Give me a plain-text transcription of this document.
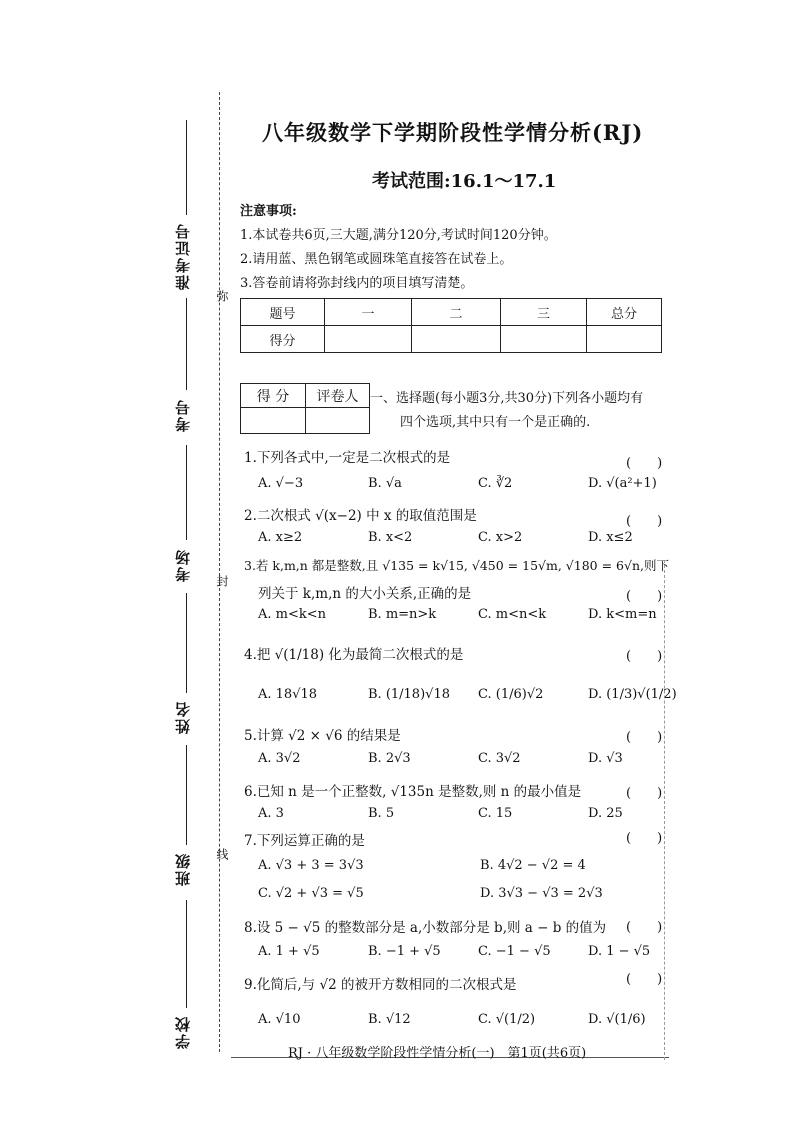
准考证号
考号
考场
姓名
班级
学校
弥
封
线
八年级数学下学期阶段性学情分析(RJ)
考试范围:16.1～17.1
注意事项:
1.本试卷共6页,三大题,满分120分,考试时间120分钟。
2.请用蓝、黑色钢笔或圆珠笔直接答在试卷上。
3.答卷前请将弥封线内的项目填写清楚。
题号	一	二	三	总分
得分				
得 分	评卷人
	一、选择题(每小题3分,共30分)下列各小题均有
四个选项,其中只有一个是正确的.
1.下列各式中,一定是二次根式的是	(　　)
A. √−3	B. √a	C. ∛2	D. √(a²+1)
2.二次根式 √(x−2) 中 x 的取值范围是	(　　)
A. x≥2	B. x<2	C. x>2	D. x≤2
3.若 k,m,n 都是整数,且 √135 = k√15, √450 = 15√m, √180 = 6√n,则下
列关于 k,m,n 的大小关系,正确的是	(　　)
A. m<k<n	B. m=n>k	C. m<n<k	D. k<m=n
4.把 √(1/18) 化为最简二次根式的是	(　　)
A. 18√18	B. (1/18)√18 C. (1/6)√2	D. (1/3)√(1/2)
5.计算 √2 × √6 的结果是	(　　)
A. 3√2	B. 2√3	C. 3√2	D. √3
6.已知 n 是一个正整数, √135n 是整数,则 n 的最小值是	(　　)
A. 3	B. 5	C. 15	D. 25
7.下列运算正确的是	(　　)
A. √3 + 3 = 3√3	B. 4√2 − √2 = 4
C. √2 + √3 = √5	D. 3√3 − √3 = 2√3
8.设 5 − √5 的整数部分是 a,小数部分是 b,则 a − b 的值为 (　　)
A. 1 + √5	B. −1 + √5	C. −1 − √5	D. 1 − √5
9.化简后,与 √2 的被开方数相同的二次根式是	(　　)
A. √10	B. √12	C. √(1/2)	D. √(1/6)
RJ · 八年级数学阶段性学情分析(一)　第1页(共6页)
